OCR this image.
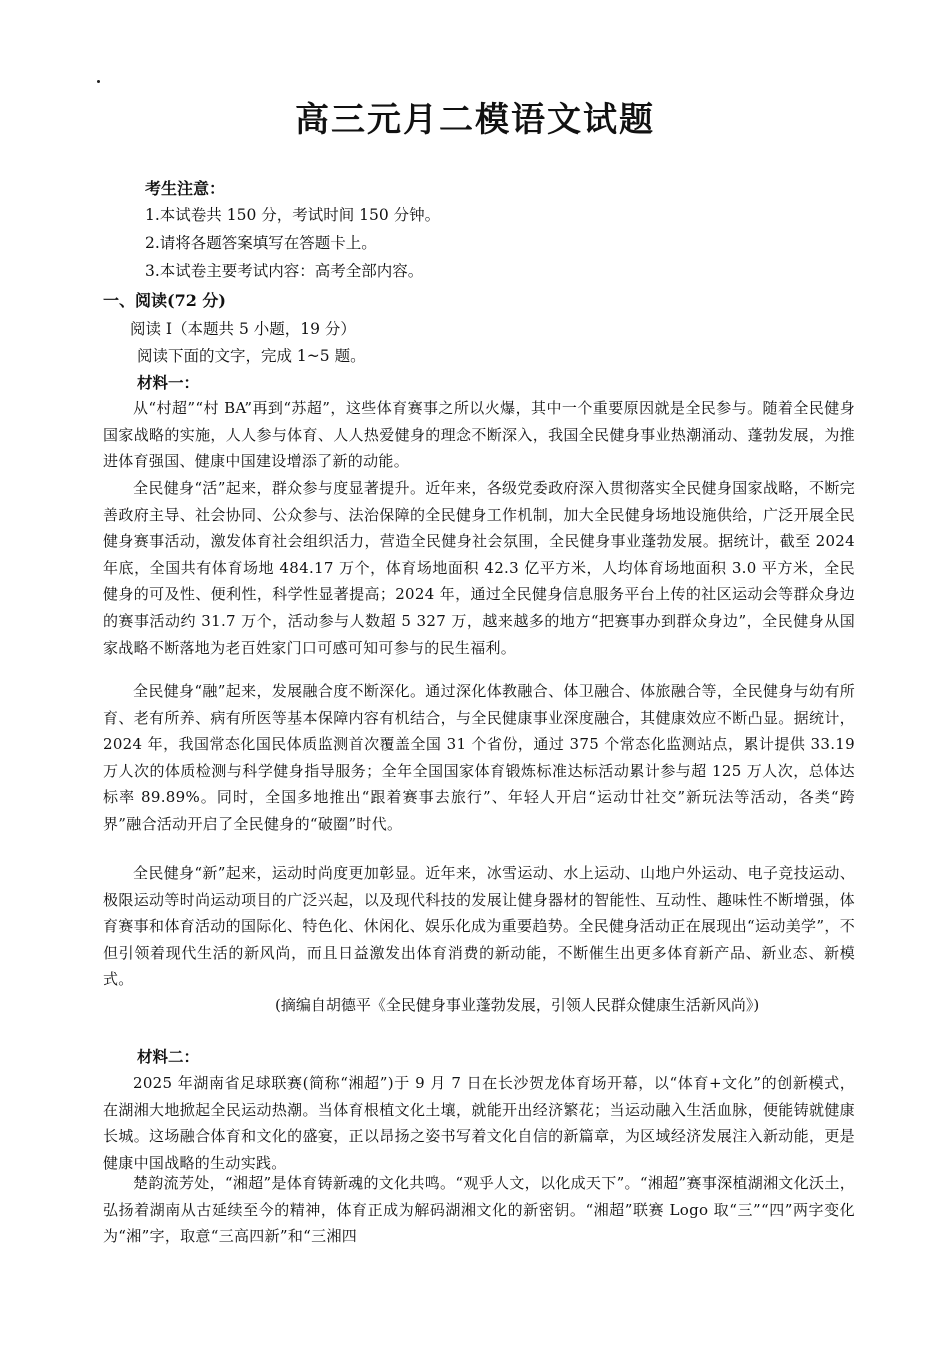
高三元月二模语文试题
考生注意：
1.本试卷共 150 分，考试时间 150 分钟。
2.请将各题答案填写在答题卡上。
3.本试卷主要考试内容：高考全部内容。
一、阅读(72 分)
阅读 I（本题共 5 小题，19 分）
阅读下面的文字，完成 1~5 题。
材料一：

从“村超”“村 BA”再到“苏超”，这些体育赛事之所以火爆，其中一个重要原因就是全民参与。随着全民健身国家战略的实施，人人参与体育、人人热爱健身的理念不断深入，我国全民健身事业热潮涌动、蓬勃发展，为推进体育强国、健康中国建设增添了新的动能。

全民健身“活”起来，群众参与度显著提升。近年来，各级党委政府深入贯彻落实全民健身国家战略，不断完善政府主导、社会协同、公众参与、法治保障的全民健身工作机制，加大全民健身场地设施供给，广泛开展全民健身赛事活动，激发体育社会组织活力，营造全民健身社会氛围，全民健身事业蓬勃发展。据统计，截至 2024 年底，全国共有体育场地 484.17 万个，体育场地面积 42.3 亿平方米，人均体育场地面积 3.0 平方米，全民健身的可及性、便利性，科学性显著提高；2024 年，通过全民健身信息服务平台上传的社区运动会等群众身边的赛事活动约 31.7 万个，活动参与人数超 5 327 万，越来越多的地方“把赛事办到群众身边”，全民健身从国家战略不断落地为老百姓家门口可感可知可参与的民生福利。

全民健身“融”起来，发展融合度不断深化。通过深化体教融合、体卫融合、体旅融合等，全民健身与幼有所育、老有所养、病有所医等基本保障内容有机结合，与全民健康事业深度融合，其健康效应不断凸显。据统计，2024 年，我国常态化国民体质监测首次覆盖全国 31 个省份，通过 375 个常态化监测站点，累计提供 33.19 万人次的体质检测与科学健身指导服务；全年全国国家体育锻炼标准达标活动累计参与超 125 万人次，总体达标率 89.89%。同时，全国多地推出“跟着赛事去旅行”、年轻人开启“运动廿社交”新玩法等活动，各类“跨界”融合活动开启了全民健身的“破圈”时代。

全民健身“新”起来，运动时尚度更加彰显。近年来，冰雪运动、水上运动、山地户外运动、电子竞技运动、极限运动等时尚运动项目的广泛兴起，以及现代科技的发展让健身器材的智能性、互动性、趣味性不断增强，体育赛事和体育活动的国际化、特色化、休闲化、娱乐化成为重要趋势。全民健身活动正在展现出“运动美学”，不但引领着现代生活的新风尚，而且日益激发出体育消费的新动能，不断催生出更多体育新产品、新业态、新模式。

(摘编自胡德平《全民健身事业蓬勃发展，引领人民群众健康生活新风尚》)

材料二：

2025 年湖南省足球联赛(简称“湘超”)于 9 月 7 日在长沙贺龙体育场开幕，以“体育+文化”的创新模式，在湖湘大地掀起全民运动热潮。当体育根植文化土壤，就能开出经济繁花；当运动融入生活血脉，便能铸就健康长城。这场融合体育和文化的盛宴，正以昂扬之姿书写着文化自信的新篇章，为区域经济发展注入新动能，更是健康中国战略的生动实践。

楚韵流芳处，“湘超”是体育铸新魂的文化共鸣。“观乎人文，以化成天下”。“湘超”赛事深植湖湘文化沃土，弘扬着湖南从古延续至今的精神，体育正成为解码湖湘文化的新密钥。“湘超”联赛 Logo 取“三”“四”两字变化为“湘”字，取意“三高四新”和“三湘四
